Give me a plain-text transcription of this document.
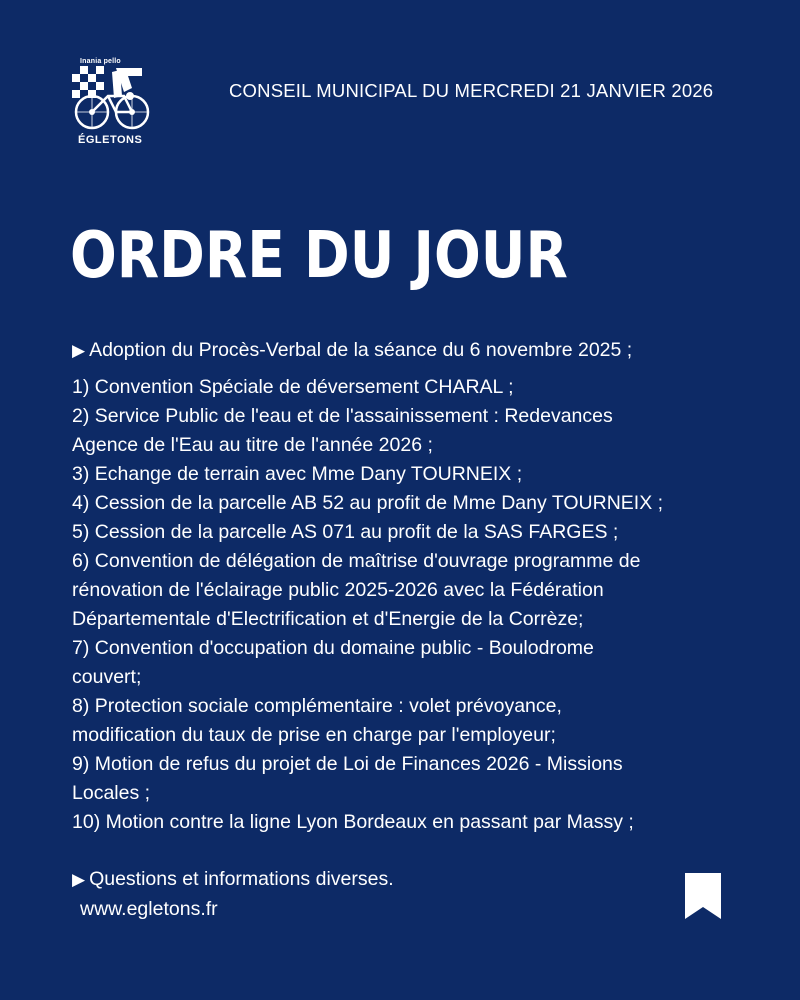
Inania pello
ÉGLETONS
CONSEIL MUNICIPAL DU MERCREDI 21 JANVIER 2026
ORDRE DU JOUR
▶ Adoption du Procès-Verbal de la séance du 6 novembre 2025 ;
1) Convention Spéciale de déversement CHARAL ;
2) Service Public de l'eau et de l'assainissement : Redevances
Agence de l'Eau au titre de l'année 2026 ;
3) Echange de terrain avec Mme Dany TOURNEIX ;
4) Cession de la parcelle AB 52 au profit de Mme Dany TOURNEIX ;
5) Cession de la parcelle AS 071 au profit de la SAS FARGES ;
6) Convention de délégation de maîtrise d'ouvrage programme de
rénovation de l'éclairage public 2025-2026 avec la Fédération
Départementale d'Electrification et d'Energie de la Corrèze;
7) Convention d'occupation du domaine public - Boulodrome
couvert;
8) Protection sociale complémentaire : volet prévoyance,
modification du taux de prise en charge par l'employeur;
9) Motion de refus du projet de Loi de Finances 2026 - Missions
Locales ;
10) Motion contre la ligne Lyon Bordeaux en passant par Massy ;
▶ Questions et informations diverses.
www.egletons.fr
